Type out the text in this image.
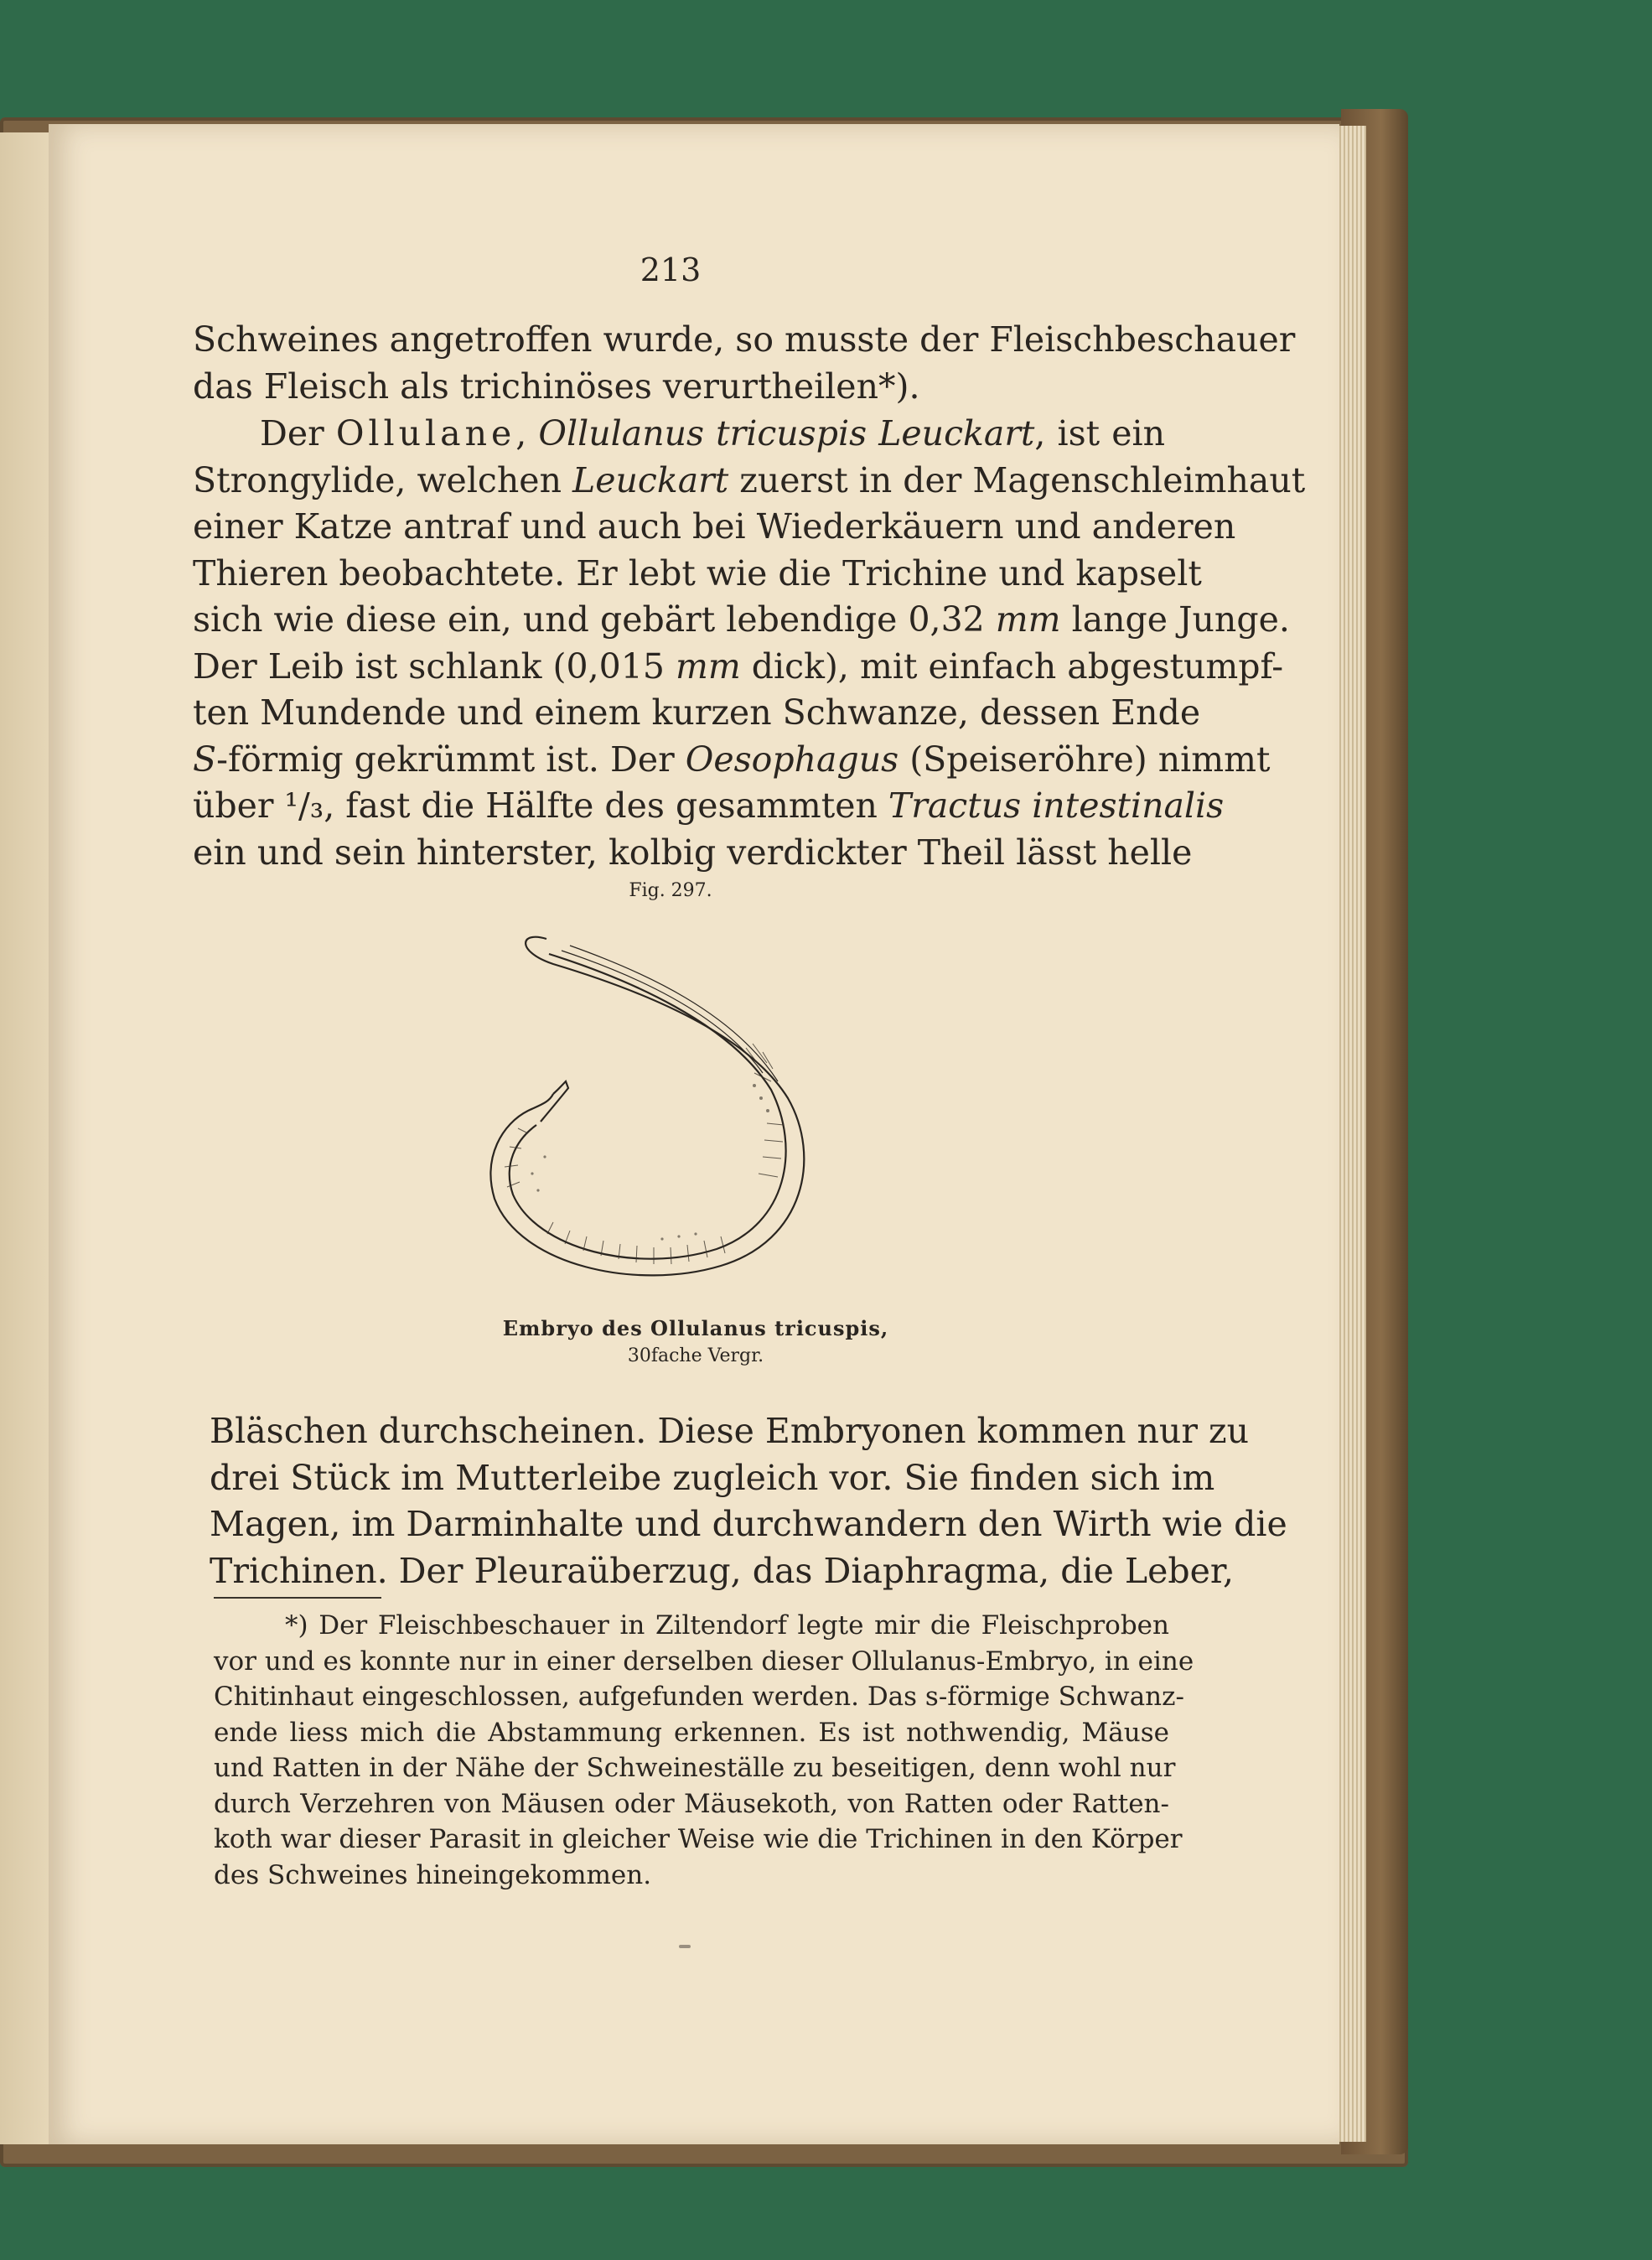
213
Schweines angetroffen wurde, so musste der Fleischbeschauer
das Fleisch als trichinöses verurtheilen*).
Der Ollulane, Ollulanus tricuspis Leuckart, ist ein
Strongylide, welchen Leuckart zuerst in der Magenschleimhaut
einer Katze antraf und auch bei Wiederkäuern und anderen
Thieren beobachtete. Er lebt wie die Trichine und kapselt
sich wie diese ein, und gebärt lebendige 0,32 mm lange Junge.
Der Leib ist schlank (0,015 mm dick), mit einfach abgestumpf-
ten Mundende und einem kurzen Schwanze, dessen Ende
S-förmig gekrümmt ist. Der Oesophagus (Speiseröhre) nimmt
über ¹/₃, fast die Hälfte des gesammten Tractus intestinalis
ein und sein hinterster, kolbig verdickter Theil lässt helle
Fig. 297.
Embryo des Ollulanus tricuspis,
30fache Vergr.
Bläschen durchscheinen. Diese Embryonen kommen nur zu
drei Stück im Mutterleibe zugleich vor. Sie finden sich im
Magen, im Darminhalte und durchwandern den Wirth wie die
Trichinen. Der Pleuraüberzug, das Diaphragma, die Leber,
*) Der Fleischbeschauer in Ziltendorf legte mir die Fleischproben
vor und es konnte nur in einer derselben dieser Ollulanus-Embryo, in eine
Chitinhaut eingeschlossen, aufgefunden werden. Das s-förmige Schwanz-
ende liess mich die Abstammung erkennen. Es ist nothwendig, Mäuse
und Ratten in der Nähe der Schweineställe zu beseitigen, denn wohl nur
durch Verzehren von Mäusen oder Mäusekoth, von Ratten oder Ratten-
koth war dieser Parasit in gleicher Weise wie die Trichinen in den Körper
des Schweines hineingekommen.
